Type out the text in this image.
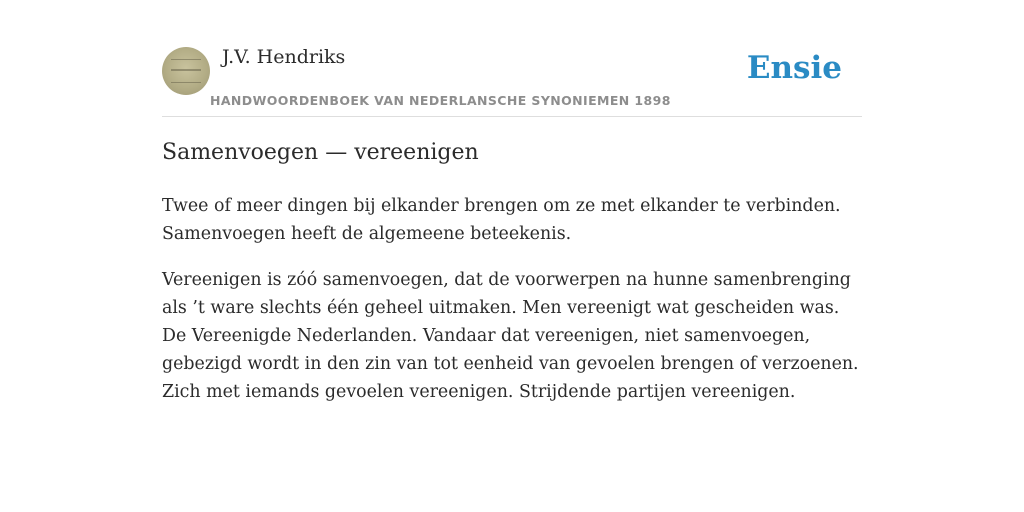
J.V. Hendriks
HANDWOORDENBOEK VAN NEDERLANSCHE SYNONIEMEN 1898
Ensie
Samenvoegen — vereenigen

Twee of meer dingen bij elkander brengen om ze met elkander te verbinden. Samenvoegen heeft de algemeene beteekenis.

Vereenigen is zóó samenvoegen, dat de voorwerpen na hunne samenbrenging als ’t ware slechts één geheel uitmaken. Men vereenigt wat gescheiden was. De Vereenigde Nederlanden. Vandaar dat vereenigen, niet samenvoegen, gebezigd wordt in den zin van tot eenheid van gevoelen brengen of verzoenen. Zich met iemands gevoelen vereenigen. Strijdende partijen vereenigen.
